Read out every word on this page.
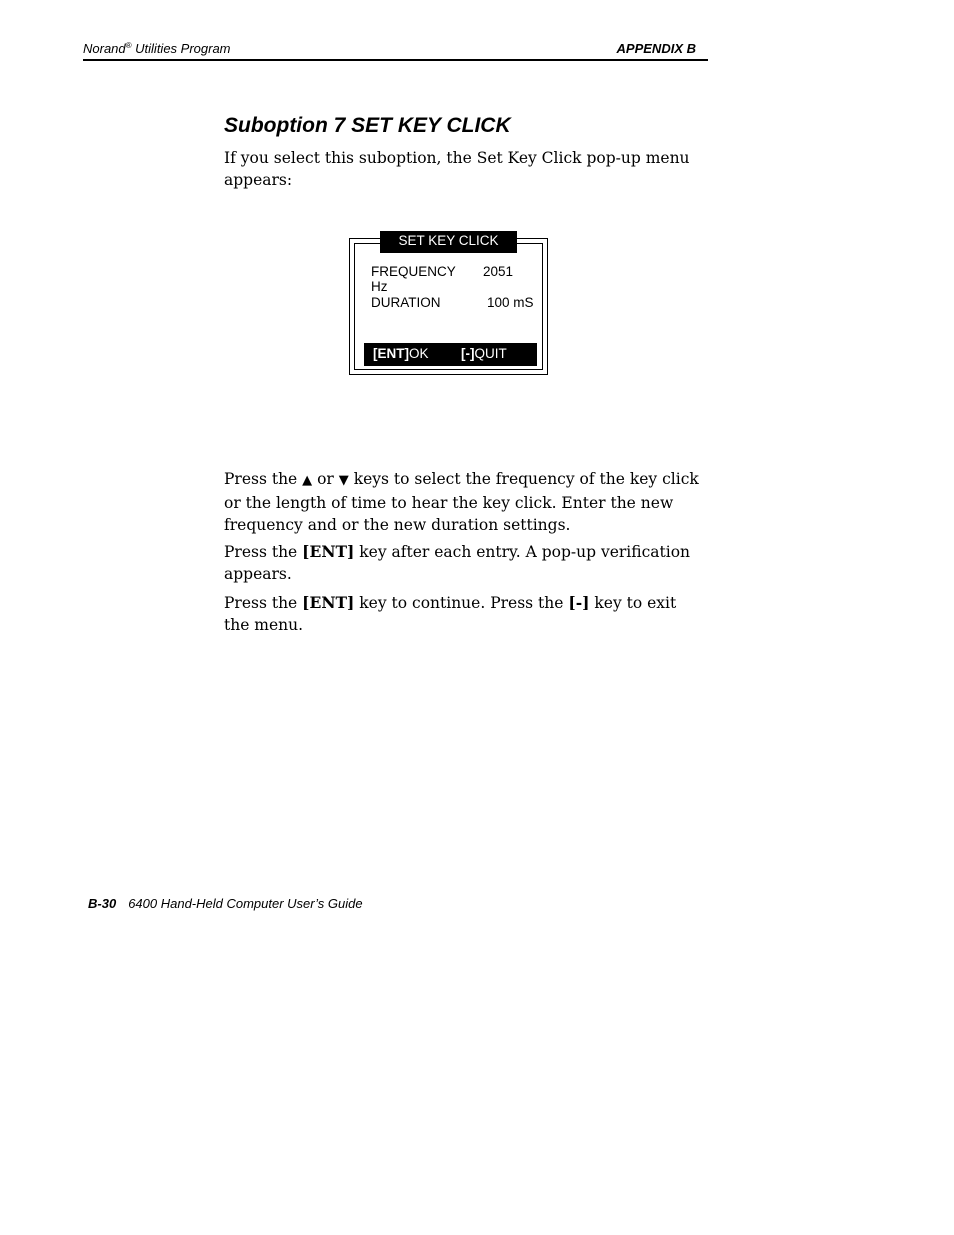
Norand® Utilities Program	APPENDIX B
Suboption 7 SET KEY CLICK

If you select this suboption, the Set Key Click pop-up menu appears:

SET KEY CLICK
FREQUENCY 2051
Hz
DURATION	100 mS
[ENT]OK [-]QUIT

Press the ▲ or ▼ keys to select the frequency of the key click or the length of time to hear the key click. Enter the new frequency and or the new duration settings.

Press the [ENT] key after each entry. A pop-up verification appears.

Press the [ENT] key to continue. Press the [-] key to exit the menu.

B-30 6400 Hand-Held Computer User’s Guide
